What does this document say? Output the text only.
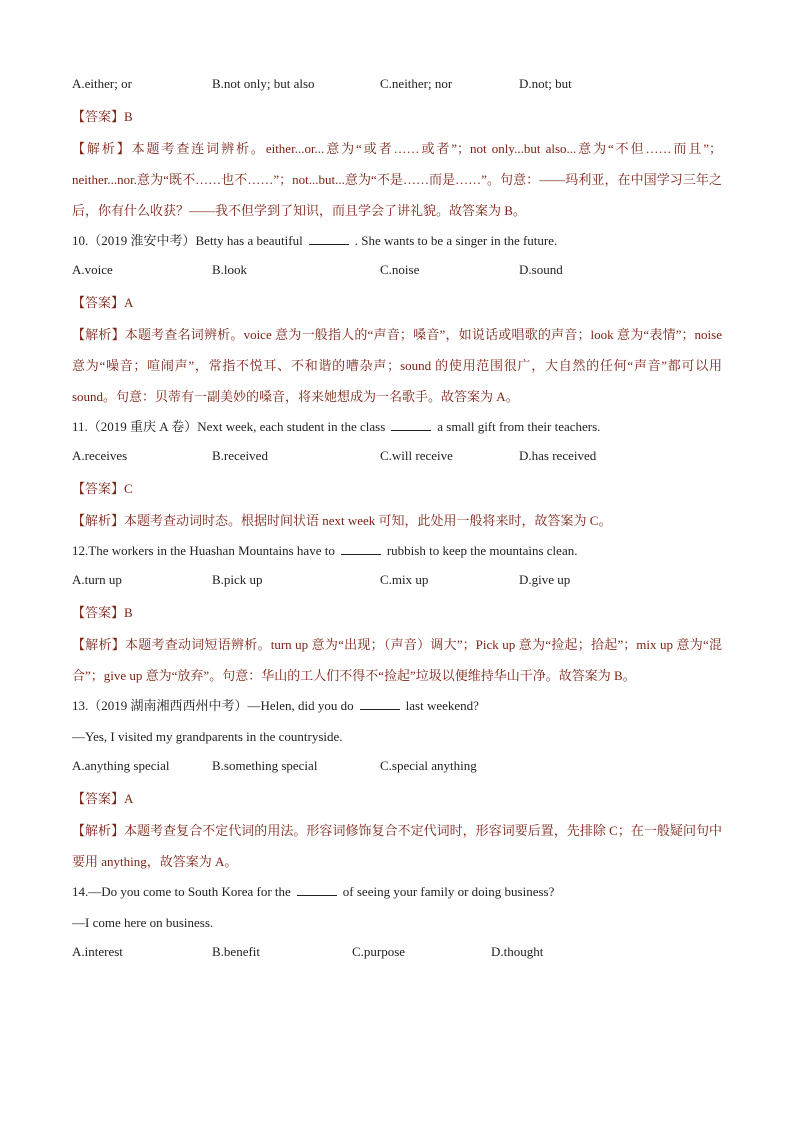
A.either; or	B.not only; but also	C.neither; nor	D.not; but
【答案】B
【解析】本题考查连词辨析。either...or...意为“或者……或者”；not only...but also...意为“不但……而且”；neither...nor.意为“既不……也不……”；not...but...意为“不是……而是……”。句意：——玛利亚，在中国学习三年之后，你有什么收获？——我不但学到了知识，而且学会了讲礼貌。故答案为 B。
10.（2019 淮安中考）Betty has a beautiful	. She wants to be a singer in the future.
A.voice	B.look	C.noise	D.sound
【答案】A
【解析】本题考查名词辨析。voice 意为一般指人的“声音；嗓音”，如说话或唱歌的声音；look 意为“表情”；noise 意为“噪音；喧闹声”，常指不悦耳、不和谐的嘈杂声；sound 的使用范围很广，大自然的任何“声音”都可以用 sound。句意：贝蒂有一副美妙的嗓音，将来她想成为一名歌手。故答案为 A。
11.（2019 重庆 A 卷）Next week, each student in the class	a small gift from their teachers.
A.receives	B.received	C.will receive	D.has received
【答案】C
【解析】本题考查动词时态。根据时间状语 next week 可知，此处用一般将来时，故答案为 C。
12.The workers in the Huashan Mountains have to	rubbish to keep the mountains clean.
A.turn up	B.pick up	C.mix up	D.give up
【答案】B
【解析】本题考查动词短语辨析。turn up 意为“出现；（声音）调大”；Pick up 意为“捡起；拾起”；mix up 意为“混合”；give up 意为“放弃”。句意：华山的工人们不得不“捡起”垃圾以便维持华山干净。故答案为 B。
13.（2019 湖南湘西西州中考）—Helen, did you do	last weekend?
—Yes, I visited my grandparents in the countryside.
A.anything special	B.something special	C.special anything
【答案】A
【解析】本题考查复合不定代词的用法。形容词修饰复合不定代词时，形容词要后置，先排除 C；在一般疑问句中要用 anything，故答案为 A。
14.—Do you come to South Korea for the	of seeing your family or doing business?
—I come here on business.
A.interest	B.benefit	C.purpose	D.thought
